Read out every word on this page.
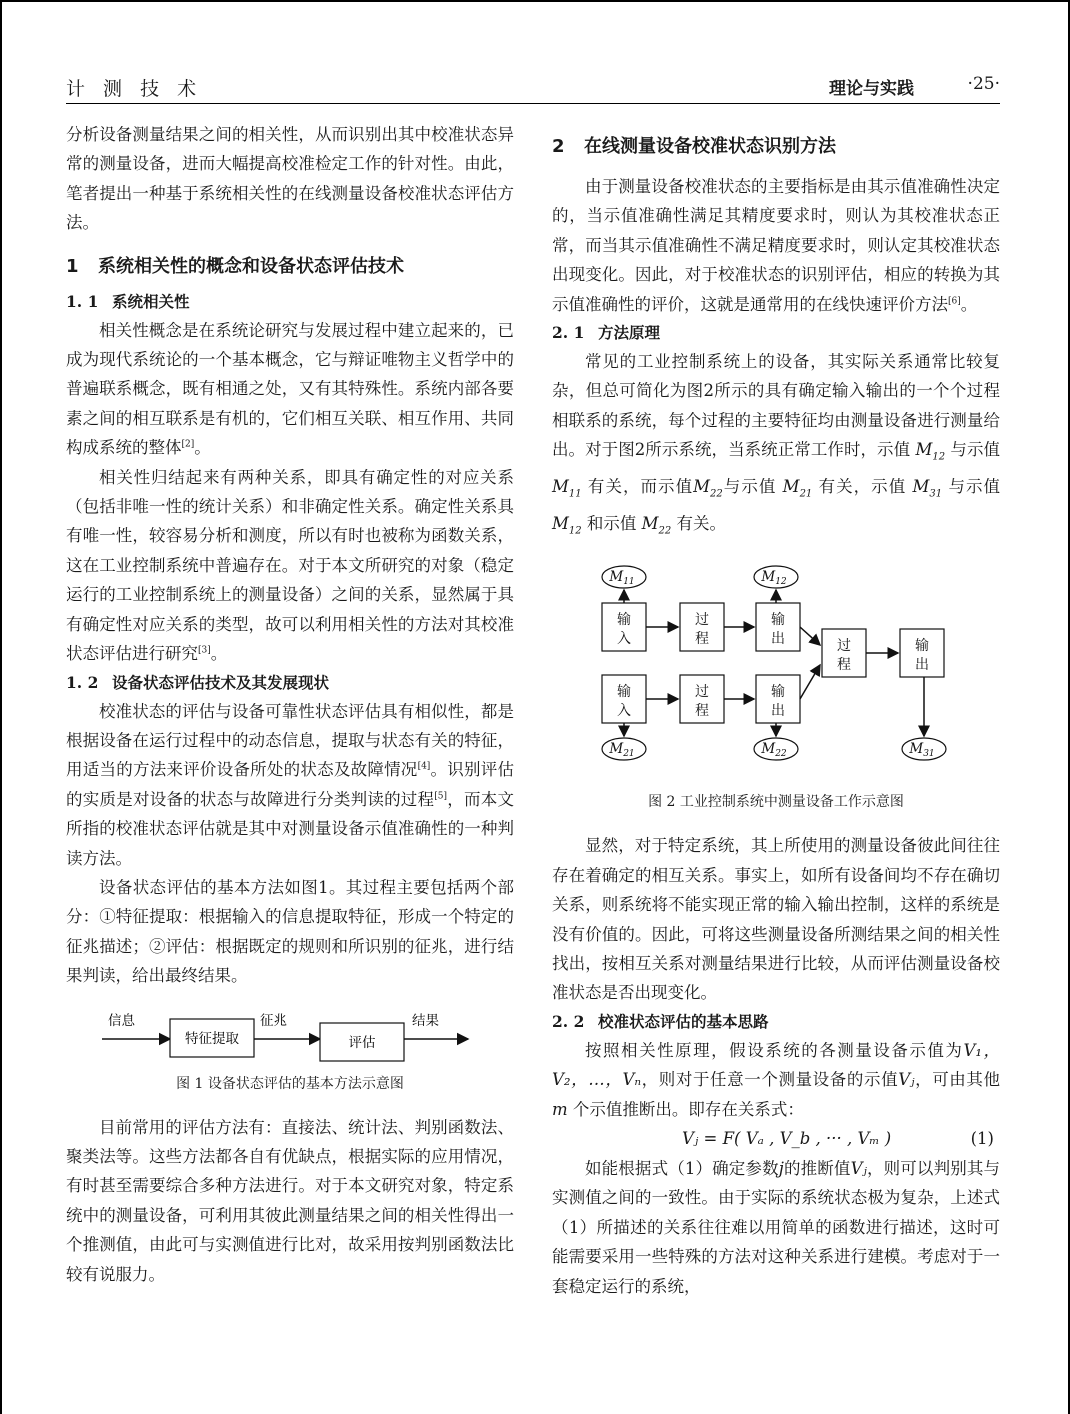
计 测 技 术	理论与实践	·25·

分析设备测量结果之间的相关性，从而识别出其中校准状态异常的测量设备，进而大幅提高校准检定工作的针对性。由此，笔者提出一种基于系统相关性的在线测量设备校准状态评估方法。

1 系统相关性的概念和设备状态评估技术
1. 1 系统相关性

相关性概念是在系统论研究与发展过程中建立起来的，已成为现代系统论的一个基本概念，它与辩证唯物主义哲学中的普遍联系概念，既有相通之处，又有其特殊性。系统内部各要素之间的相互联系是有机的，它们相互关联、相互作用、共同构成系统的整体[2]。

相关性归结起来有两种关系，即具有确定性的对应关系（包括非唯一性的统计关系）和非确定性关系。确定性关系具有唯一性，较容易分析和测度，所以有时也被称为函数关系，这在工业控制系统中普遍存在。对于本文所研究的对象（稳定运行的工业控制系统上的测量设备）之间的关系，显然属于具有确定性对应关系的类型，故可以利用相关性的方法对其校准状态评估进行研究[3]。

1. 2 设备状态评估技术及其发展现状

校准状态的评估与设备可靠性状态评估具有相似性，都是根据设备在运行过程中的动态信息，提取与状态有关的特征，用适当的方法来评价设备所处的状态及故障情况[4]。识别评估的实质是对设备的状态与故障进行分类判读的过程[5]，而本文所指的校准状态评估就是其中对测量设备示值准确性的一种判读方法。

设备状态评估的基本方法如图1。其过程主要包括两个部分：①特征提取：根据输入的信息提取特征，形成一个特定的征兆描述；②评估：根据既定的规则和所识别的征兆，进行结果判读，给出最终结果。

信息
特征提取
征兆
评估
结果
图 1 设备状态评估的基本方法示意图

目前常用的评估方法有：直接法、统计法、判别函数法、聚类法等。这些方法都各自有优缺点，根据实际的应用情况，有时甚至需要综合多种方法进行。对于本文研究对象，特定系统中的测量设备，可利用其彼此测量结果之间的相关性得出一个推测值，由此可与实测值进行比对，故采用按判别函数法比较有说服力。

2 在线测量设备校准状态识别方法

由于测量设备校准状态的主要指标是由其示值准确性决定的，当示值准确性满足其精度要求时，则认为其校准状态正常，而当其示值准确性不满足精度要求时，则认定其校准状态出现变化。因此，对于校准状态的识别评估，相应的转换为其示值准确性的评价，这就是通常用的在线快速评价方法[6]。

2. 1 方法原理

常见的工业控制系统上的设备，其实际关系通常比较复杂，但总可简化为图2所示的具有确定输入输出的一个个过程相联系的系统，每个过程的主要特征均由测量设备进行测量给出。对于图2所示系统，当系统正常工作时，示值 $M_{12}$ 与示值 $M_{11}$ 有关，而示值$M_{22}$与示值 $M_{21}$ 有关，示值 $M_{31}$ 与示值 $M_{12}$ 和示值 $M_{22}$ 有关。

$M_{11}$	$M_{12}$
$M_{21}$	$M_{22}$	$M_{31}$
输入
过程
输出
输入
过程
输出
过程
输出
图 2 工业控制系统中测量设备工作示意图

显然，对于特定系统，其上所使用的测量设备彼此间往往存在着确定的相互关系。事实上，如所有设备间均不存在确切关系，则系统将不能实现正常的输入输出控制，这样的系统是没有价值的。因此，可将这些测量设备所测结果之间的相关性找出，按相互关系对测量结果进行比较，从而评估测量设备校准状态是否出现变化。

2. 2 校准状态评估的基本思路

按照相关性原理，假设系统的各测量设备示值为V₁，V₂，…，Vₙ，则对于任意一个测量设备的示值Vⱼ，可由其他 m 个示值推断出。即存在关系式：

Vⱼ = F( Vₐ , V_b , ··· , Vₘ )	(1)

如能根据式（1）确定参数j的推断值Vⱼ，则可以判别其与实测值之间的一致性。由于实际的系统状态极为复杂，上述式（1）所描述的关系往往难以用简单的函数进行描述，这时可能需要采用一些特殊的方法对这种关系进行建模。考虑对于一套稳定运行的系统，
